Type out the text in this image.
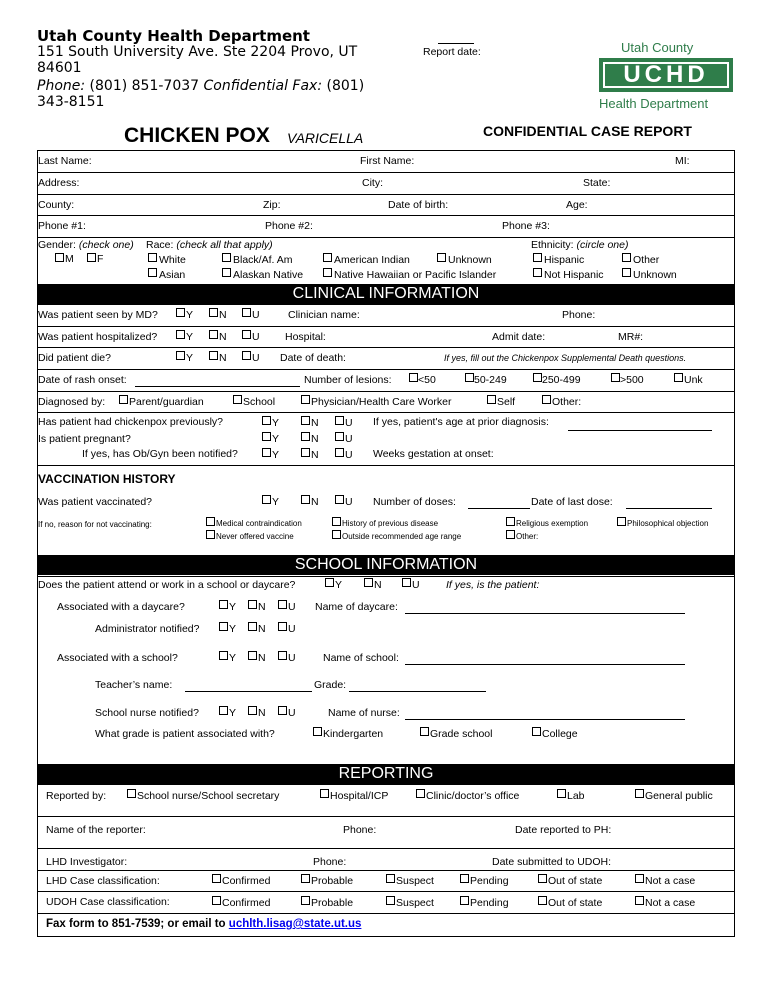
Utah County Health Department
151 South University Ave. Ste 2204 Provo, UT 84601
Phone: (801) 851-7037 Confidential Fax: (801) 343-8151
Report date:	Utah County
UCHD
Health Department
CHICKEN POX VARICELLA	CONFIDENTIAL CASE REPORT
Last Name:	First Name:	MI:
Address:	City:	State:
County:	Zip:	Date of birth:	Age:
Phone #1:	Phone #2:	Phone #3:
Gender: (check one)
M F
Race: (check all that apply)
White	Black/Af. Am	American Indian	Unknown
Asian	Alaskan Native	Native Hawaiian or Pacific Islander
Ethnicity: (circle one)
Hispanic	Other
Not Hispanic	Unknown
CLINICAL INFORMATION
Was patient seen by MD?	Y N U	Clinician name:	Phone:
Was patient hospitalized?	Y N U Hospital:	Admit date:	MR#:
Did patient die?	Y N U Date of death:	If yes, fill out the Chickenpox Supplemental Death questions.
Date of rash onset:	Number of lesions:	<50	50-249	250-499	>500	Unk
Diagnosed by: Parent/guardian	School	Physician/Health Care Worker	Self	Other:
Has patient had chickenpox previously?	Y	N	U If yes, patient's age at prior diagnosis:
Is patient pregnant?	Y	N	U
If yes, has Ob/Gyn been notified?	Y	N	U Weeks gestation at onset:
VACCINATION HISTORY
Was patient vaccinated?	Y	N	U Number of doses:	Date of last dose:
If no, reason for not vaccinating:	Medical contraindication	History of previous disease	Religious exemption	Philosophical objection
Never offered vaccine	Outside recommended age range	Other:
SCHOOL INFORMATION
Does the patient attend or work in a school or daycare?	Y	N	U	If yes, is the patient:
Associated with a daycare?	Y N U Name of daycare:
Administrator notified?	Y N U
Associated with a school?	Y N U	Name of school:
Teacher’s name:	Grade:
School nurse notified?	Y N U	Name of nurse:
What grade is patient associated with?	Kindergarten	Grade school	College
REPORTING
Reported by:	School nurse/School secretary	Hospital/ICP	Clinic/doctor’s office	Lab	General public
Name of the reporter:	Phone:	Date reported to PH:
LHD Investigator:	Phone:	Date submitted to UDOH:
LHD Case classification:	Confirmed	Probable	Suspect	Pending	Out of state	Not a case
UDOH Case classification:	Confirmed	Probable	Suspect	Pending	Out of state	Not a case
Fax form to 851-7539; or email to uchlth.lisag@state.ut.us
